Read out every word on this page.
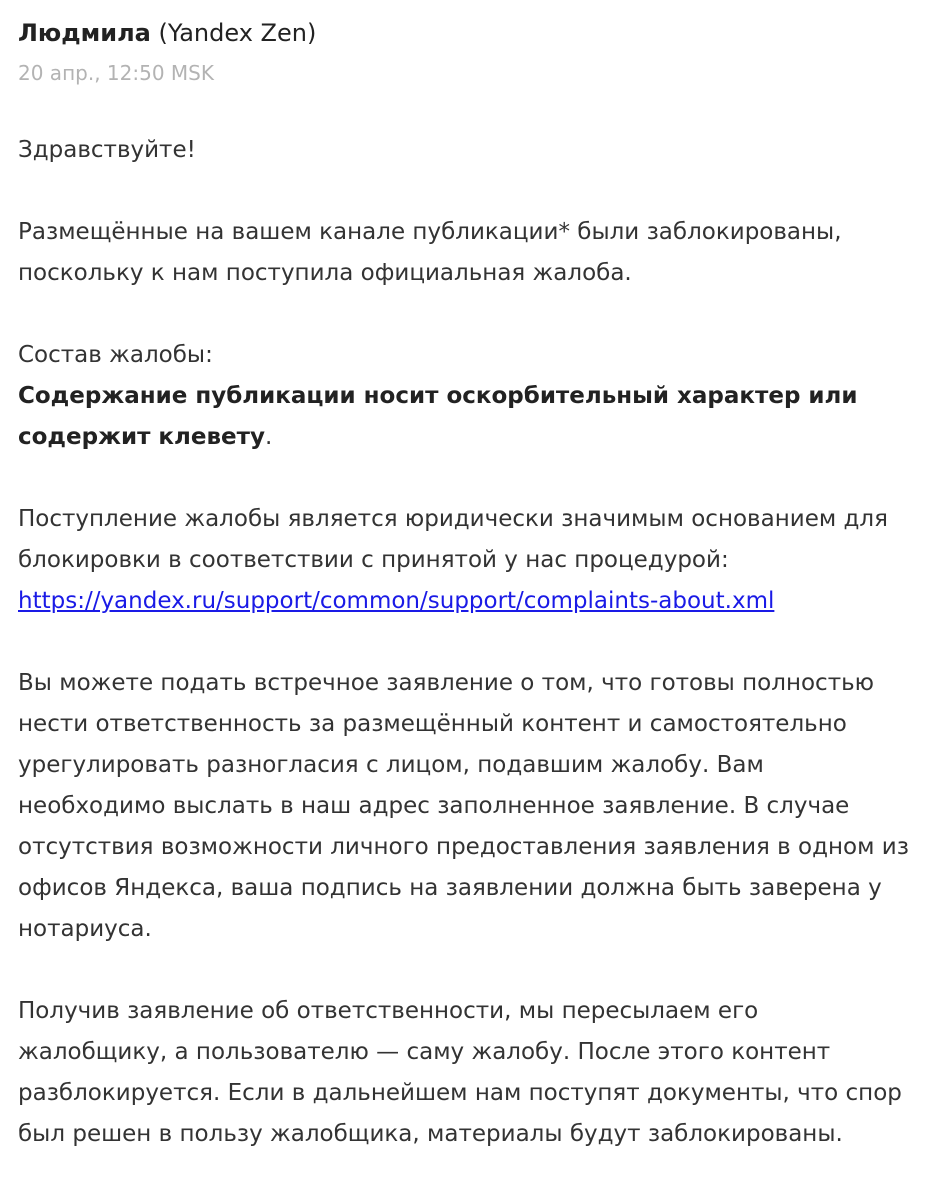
Людмила (Yandex Zen)
20 апр., 12:50 MSK

Здравствуйте!

Размещённые на вашем канале публикации* были заблокированы, поскольку к нам поступила официальная жалоба.

Состав жалобы:
Содержание публикации носит оскорбительный характер или содержит клевету.

Поступление жалобы является юридически значимым основанием для блокировки в соответствии с принятой у нас процедурой:
https://yandex.ru/support/common/support/complaints-about.xml

Вы можете подать встречное заявление о том, что готовы полностью нести ответственность за размещённый контент и самостоятельно урегулировать разногласия с лицом, подавшим жалобу. Вам необходимо выслать в наш адрес заполненное заявление. В случае отсутствия возможности личного предоставления заявления в одном из офисов Яндекса, ваша подпись на заявлении должна быть заверена у нотариуса.

Получив заявление об ответственности, мы пересылаем его жалобщику, а пользователю — саму жалобу. После этого контент разблокируется. Если в дальнейшем нам поступят документы, что спор был решен в пользу жалобщика, материалы будут заблокированы.
